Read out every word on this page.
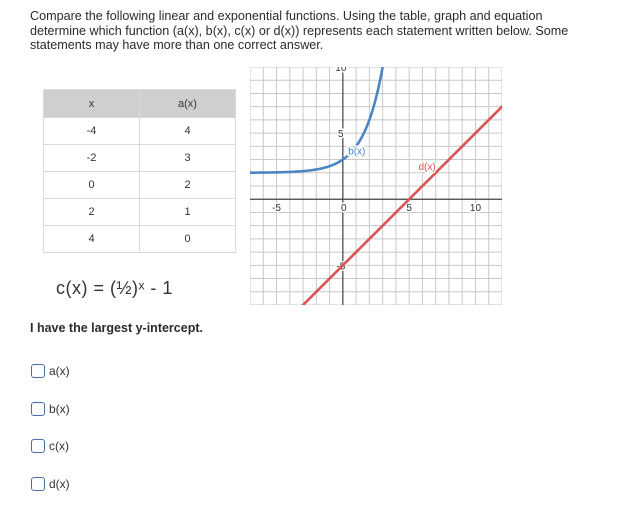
Compare the following linear and exponential functions. Using the table, graph and equation determine which function (a(x), b(x), c(x) or d(x)) represents each statement written below. Some statements may have more than one correct answer.

x	a(x)
-4	4
-2	3
0	2
2	1
4	0
c(x) = (½)ˣ - 1
-5	0	5	10
10
5
-5
b(x)
d(x)
I have the largest y-intercept.
a(x)
b(x)
c(x)
d(x)
